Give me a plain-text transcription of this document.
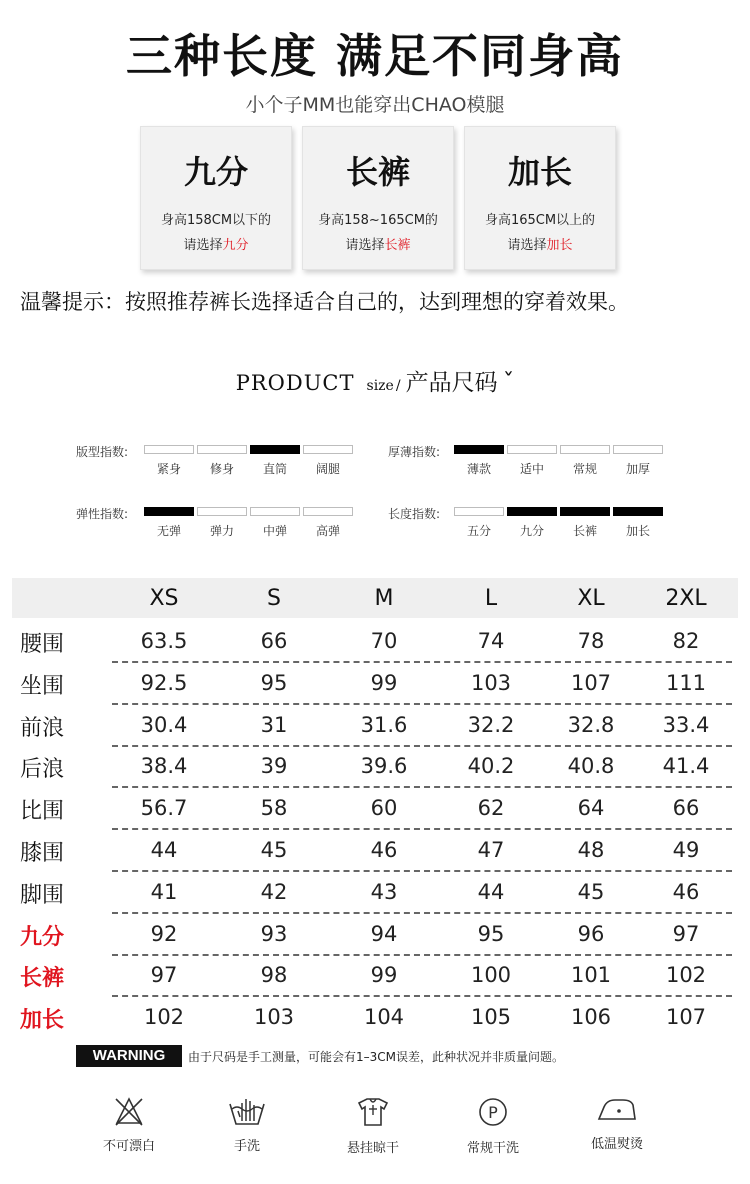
三种长度 满足不同身高
小个子MM也能穿出CHAO模腿
九分
身高158CM以下的
请选择九分
长裤
身高158~165CM的
请选择长裤
加长
身高165CM以上的
请选择加长
温馨提示：按照推荐裤长选择适合自己的，达到理想的穿着效果。
PRODUCT size / 产品尺码 ˇ
版型指数:
紧身	修身	直筒	阔腿
厚薄指数:
薄款	适中	常规	加厚
弹性指数:
无弹	弹力	中弹	高弹
长度指数:
五分	九分	长裤	加长
XS	S	M	L	XL	2XL
腰围	63.5	66	70	74	78	82
坐围	92.5	95	99	103	107	111
前浪	30.4	31	31.6	32.2	32.8	33.4
后浪	38.4	39	39.6	40.2	40.8	41.4
比围	56.7	58	60	62	64	66
膝围	44	45	46	47	48	49
脚围	41	42	43	44	45	46
九分	92	93	94	95	96	97
长裤	97	98	99	100	101	102
加长	102	103	104	105	106	107
WARNING	由于尺码是手工测量，可能会有1–3CM误差，此种状况并非质量问题。
不可漂白	手洗	悬挂晾干
P
常规干洗	低温熨烫
